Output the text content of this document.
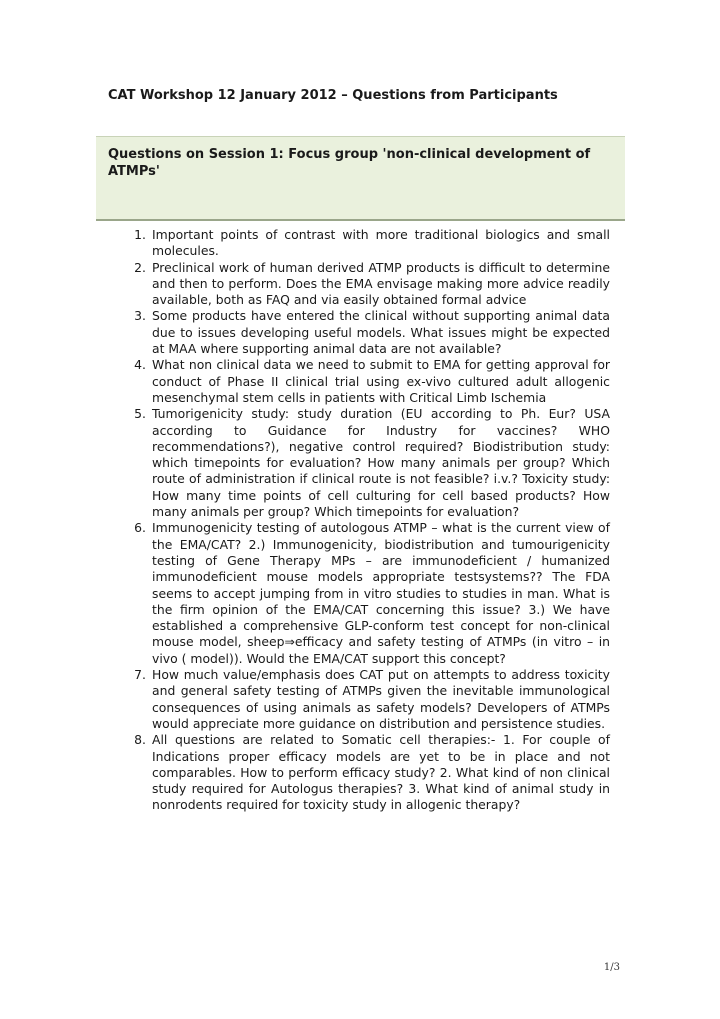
CAT Workshop 12 January 2012 – Questions from Participants

Questions on Session 1: Focus group 'non-clinical development of ATMPs'

1. Important points of contrast with more traditional biologics and small molecules.
2. Preclinical work of human derived ATMP products is difficult to determine and then to perform. Does the EMA envisage making more advice readily available, both as FAQ and via easily obtained formal advice
3. Some products have entered the clinical without supporting animal data due to issues developing useful models. What issues might be expected at MAA where supporting animal data are not available?
4. What non clinical data we need to submit to EMA for getting approval for conduct of Phase II clinical trial using ex-vivo cultured adult allogenic mesenchymal stem cells in patients with Critical Limb Ischemia
5. Tumorigenicity study: study duration (EU according to Ph. Eur? USA according to Guidance for Industry for vaccines? WHO recommendations?), negative control required? Biodistribution study: which timepoints for evaluation? How many animals per group? Which route of administration if clinical route is not feasible? i.v.? Toxicity study: How many time points of cell culturing for cell based products? How many animals per group? Which timepoints for evaluation?
6. Immunogenicity testing of autologous ATMP – what is the current view of the EMA/CAT? 2.) Immunogenicity, biodistribution and tumourigenicity testing of Gene Therapy MPs – are immunodeficient / humanized immunodeficient mouse models appropriate testsystems?? The FDA seems to accept jumping from in vitro studies to studies in man. What is the firm opinion of the EMA/CAT concerning this issue? 3.) We have established a comprehensive GLP-conform test concept for non-clinical mouse model, sheep⇒efficacy and safety testing of ATMPs (in vitro – in vivo ( model)). Would the EMA/CAT support this concept?
7. How much value/emphasis does CAT put on attempts to address toxicity and general safety testing of ATMPs given the inevitable immunological consequences of using animals as safety models? Developers of ATMPs would appreciate more guidance on distribution and persistence studies.
8. All questions are related to Somatic cell therapies:- 1. For couple of Indications proper efficacy models are yet to be in place and not comparables. How to perform efficacy study? 2. What kind of non clinical study required for Autologus therapies? 3. What kind of animal study in nonrodents required for toxicity study in allogenic therapy?
1/3
